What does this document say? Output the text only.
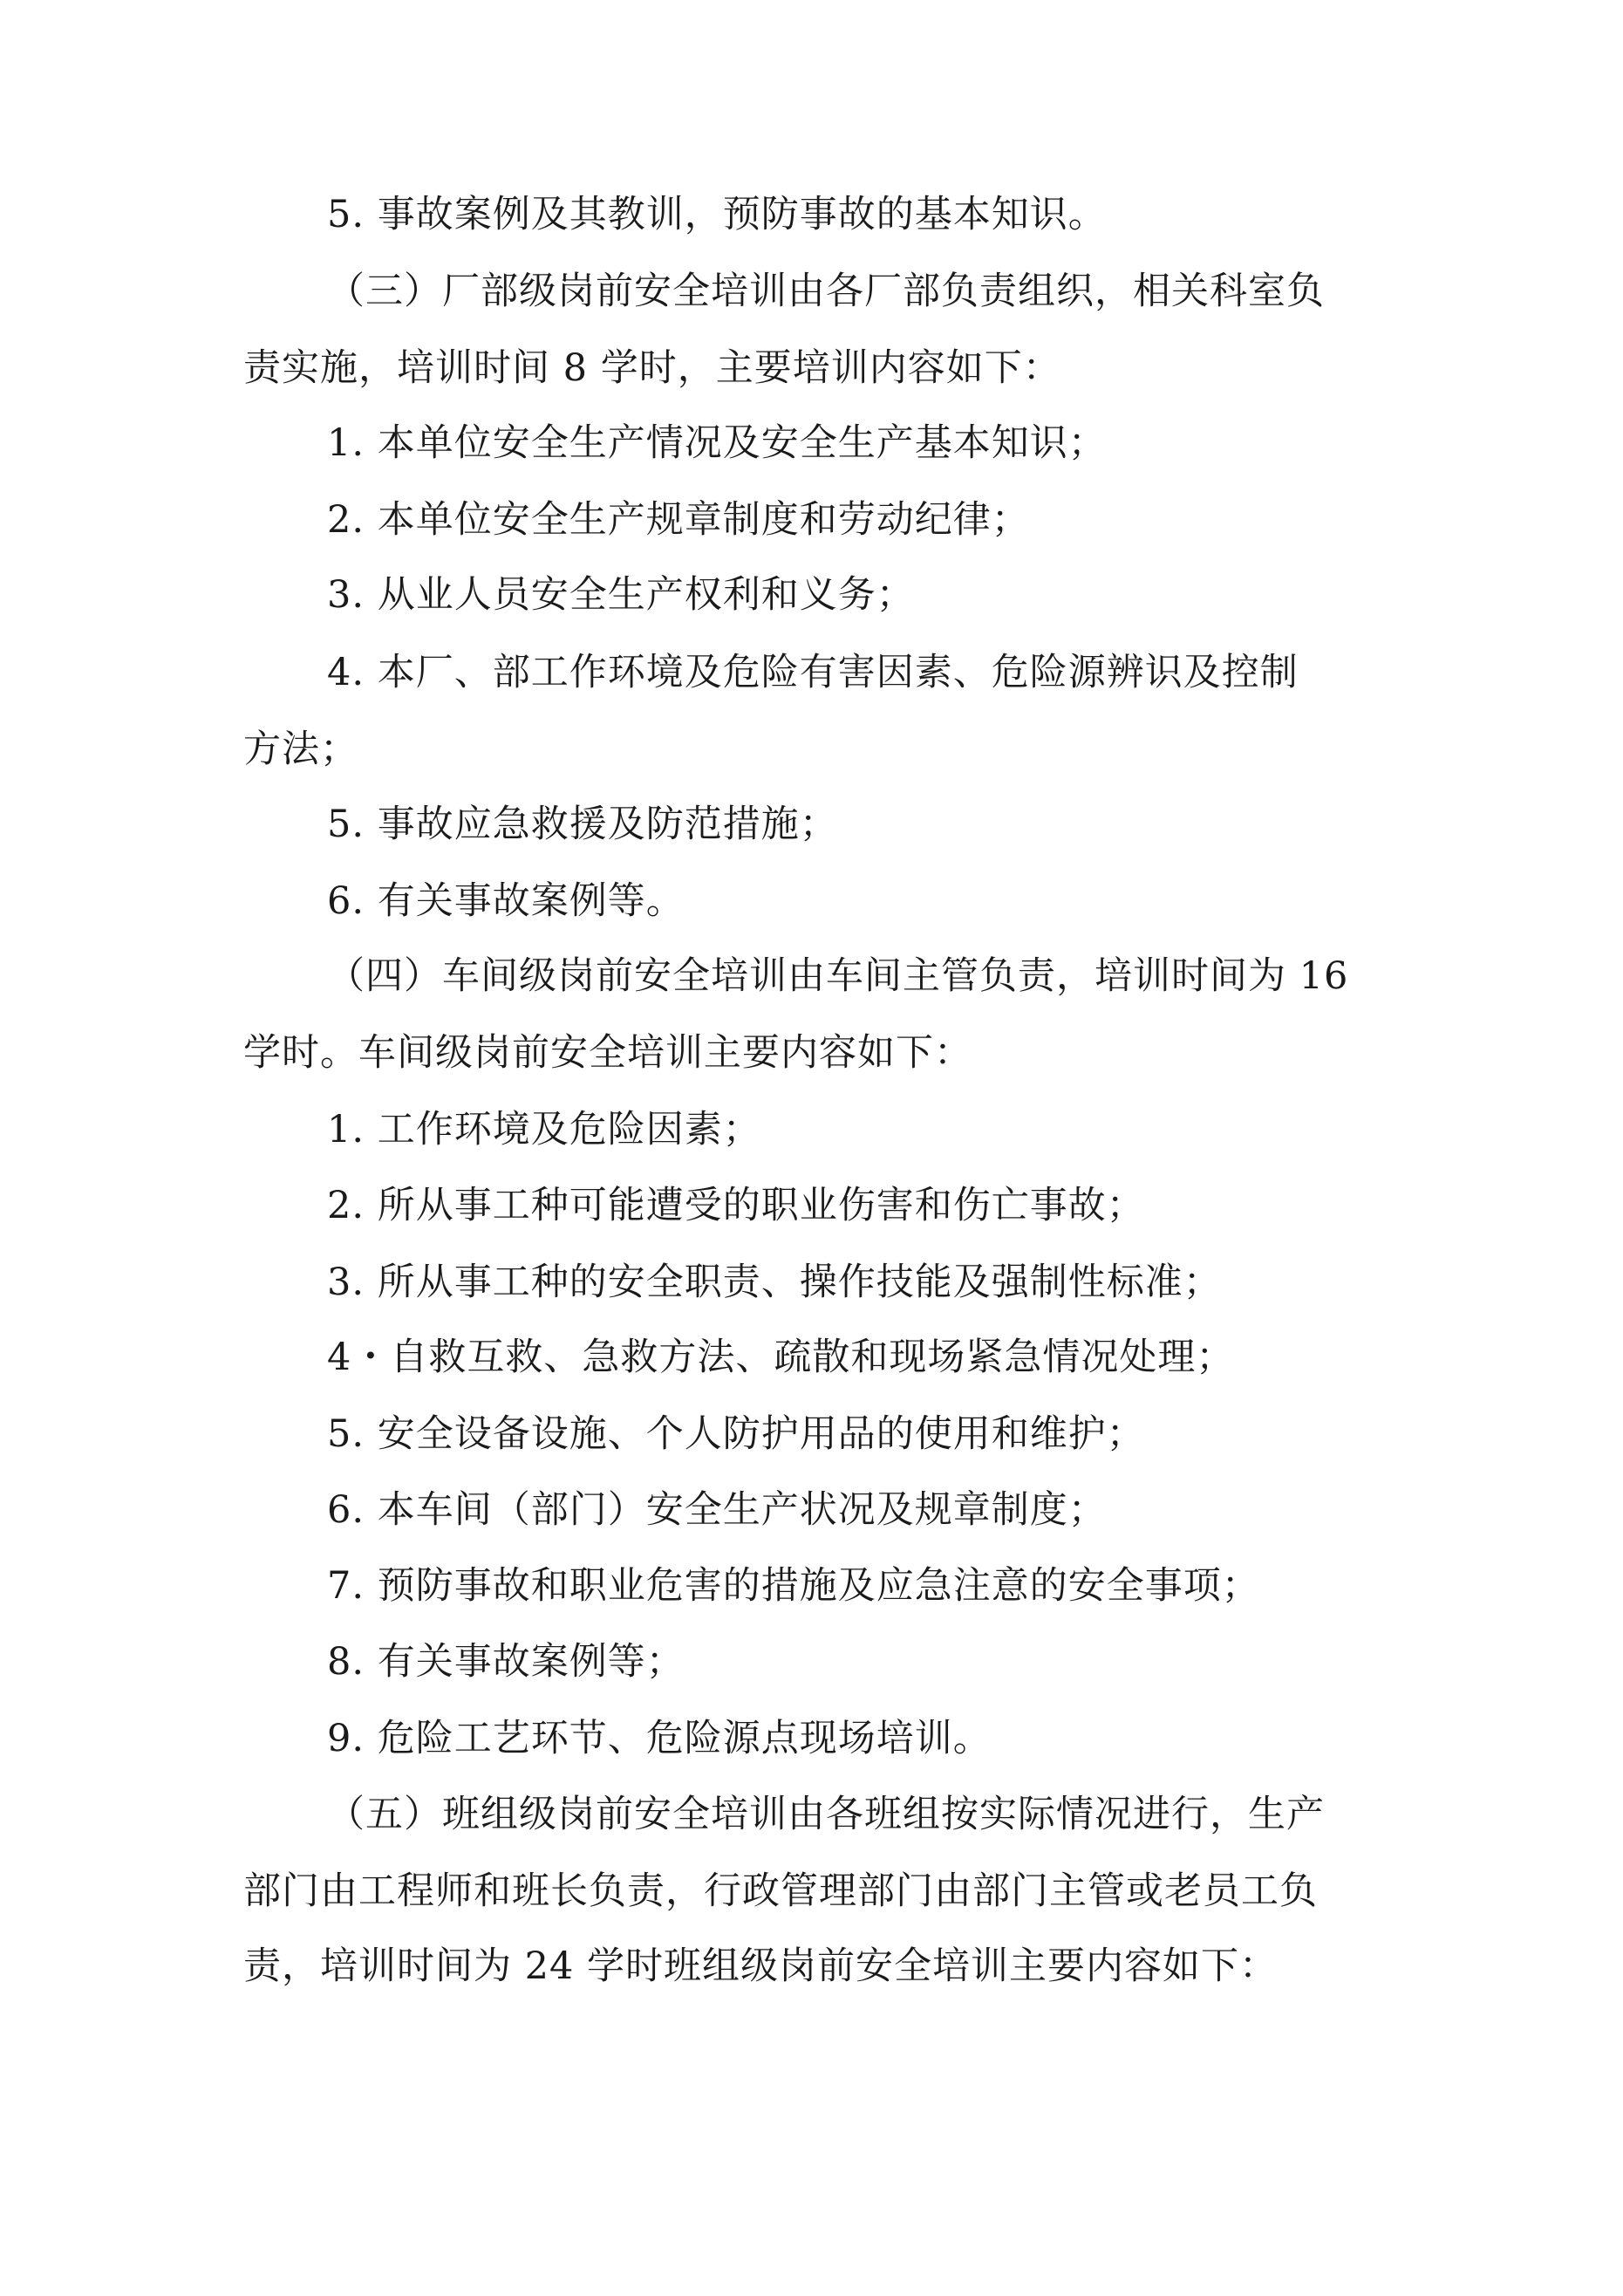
5. 事故案例及其教训，预防事故的基本知识。
（三）厂部级岗前安全培训由各厂部负责组织，相关科室负
责实施，培训时间 8 学时，主要培训内容如下：
1. 本单位安全生产情况及安全生产基本知识；
2. 本单位安全生产规章制度和劳动纪律；
3. 从业人员安全生产权利和义务；
4. 本厂、部工作环境及危险有害因素、危险源辨识及控制
方法；
5. 事故应急救援及防范措施；
6. 有关事故案例等。
（四）车间级岗前安全培训由车间主管负责，培训时间为 16
学时。车间级岗前安全培训主要内容如下：
1. 工作环境及危险因素；
2. 所从事工种可能遭受的职业伤害和伤亡事故；
3. 所从事工种的安全职责、操作技能及强制性标准；
4・自救互救、急救方法、疏散和现场紧急情况处理；
5. 安全设备设施、个人防护用品的使用和维护；
6. 本车间（部门）安全生产状况及规章制度；
7. 预防事故和职业危害的措施及应急注意的安全事项；
8. 有关事故案例等；
9. 危险工艺环节、危险源点现场培训。
（五）班组级岗前安全培训由各班组按实际情况进行，生产
部门由工程师和班长负责，行政管理部门由部门主管或老员工负
责，培训时间为 24 学时班组级岗前安全培训主要内容如下：
